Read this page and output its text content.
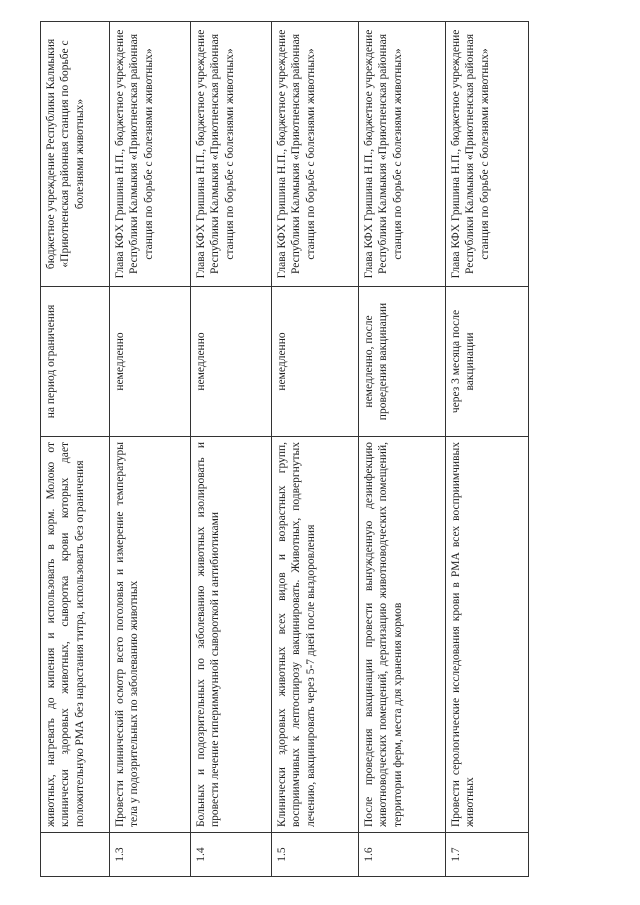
	животных, нагревать до кипения и использовать в корм. Молоко от клинически здоровых животных, сыворотка крови которых дает положительную РМА без нарастания титра, использовать без ограничения	на период ограничения	бюджетное учреждение Республики Калмыкия «Приютненская районная станция по борьбе с болезнями животных»
1.3	Провести клинический осмотр всего поголовья и измерение температуры тела у подозрительных по заболеванию животных	немедленно	Глава КФХ Гришина Н.П., бюджетное учреждение Республики Калмыкия «Приютненская районная станция по борьбе с болезнями животных»
1.4	Больных и подозрительных по заболеванию животных изолировать и провести лечение гипериммунной сывороткой и антибиотиками	немедленно	Глава КФХ Гришина Н.П., бюджетное учреждение Республики Калмыкия «Приютненская районная станция по борьбе с болезнями животных»
1.5	Клинически здоровых животных всех видов и возрастных групп, восприимчивых к лептоспирозу вакцинировать. Животных, подвергнутых лечению, вакцинировать через 5-7 дней после выздоровления	немедленно	Глава КФХ Гришина Н.П., бюджетное учреждение Республики Калмыкия «Приютненская районная станция по борьбе с болезнями животных»
1.6	После проведения вакцинации провести вынужденную дезинфекцию животноводческих помещений, дератизацию животноводческих помещений, территории ферм, места для хранения кормов	немедленно, после проведения вакцинации	Глава КФХ Гришина Н.П., бюджетное учреждение Республики Калмыкия «Приютненская районная станция по борьбе с болезнями животных»
1.7	Провести серологические исследования крови в РМА всех восприимчивых животных	через 3 месяца после вакцинации	Глава КФХ Гришина Н.П., бюджетное учреждение Республики Калмыкия «Приютненская районная станция по борьбе с болезнями животных»
